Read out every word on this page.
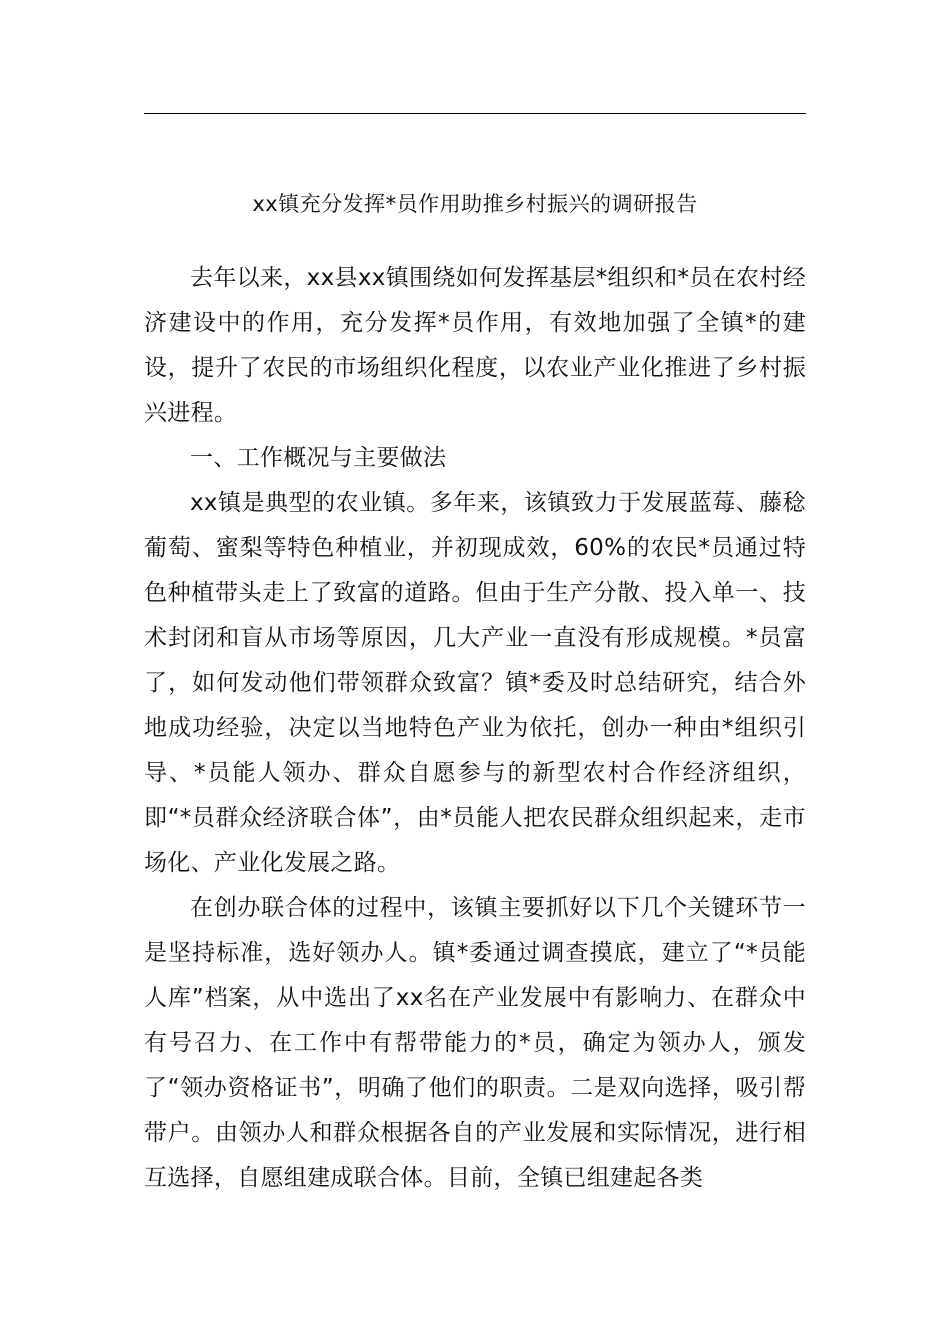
xx镇充分发挥*员作用助推乡村振兴的调研报告

去年以来，xx县xx镇围绕如何发挥基层*组织和*员在农村经济建设中的作用，充分发挥*员作用，有效地加强了全镇*的建设，提升了农民的市场组织化程度，以农业产业化推进了乡村振兴进程。

一、工作概况与主要做法

xx镇是典型的农业镇。多年来，该镇致力于发展蓝莓、藤稔葡萄、蜜梨等特色种植业，并初现成效，60%的农民*员通过特色种植带头走上了致富的道路。但由于生产分散、投入单一、技术封闭和盲从市场等原因，几大产业一直没有形成规模。*员富了，如何发动他们带领群众致富？镇*委及时总结研究，结合外地成功经验，决定以当地特色产业为依托，创办一种由*组织引导、*员能人领办、群众自愿参与的新型农村合作经济组织，即“*员群众经济联合体”，由*员能人把农民群众组织起来，走市场化、产业化发展之路。

在创办联合体的过程中，该镇主要抓好以下几个关键环节一是坚持标准，选好领办人。镇*委通过调查摸底，建立了“*员能人库”档案，从中选出了xx名在产业发展中有影响力、在群众中有号召力、在工作中有帮带能力的*员，确定为领办人，颁发了“领办资格证书”，明确了他们的职责。二是双向选择，吸引帮带户。由领办人和群众根据各自的产业发展和实际情况，进行相互选择，自愿组建成联合体。目前，全镇已组建起各类
